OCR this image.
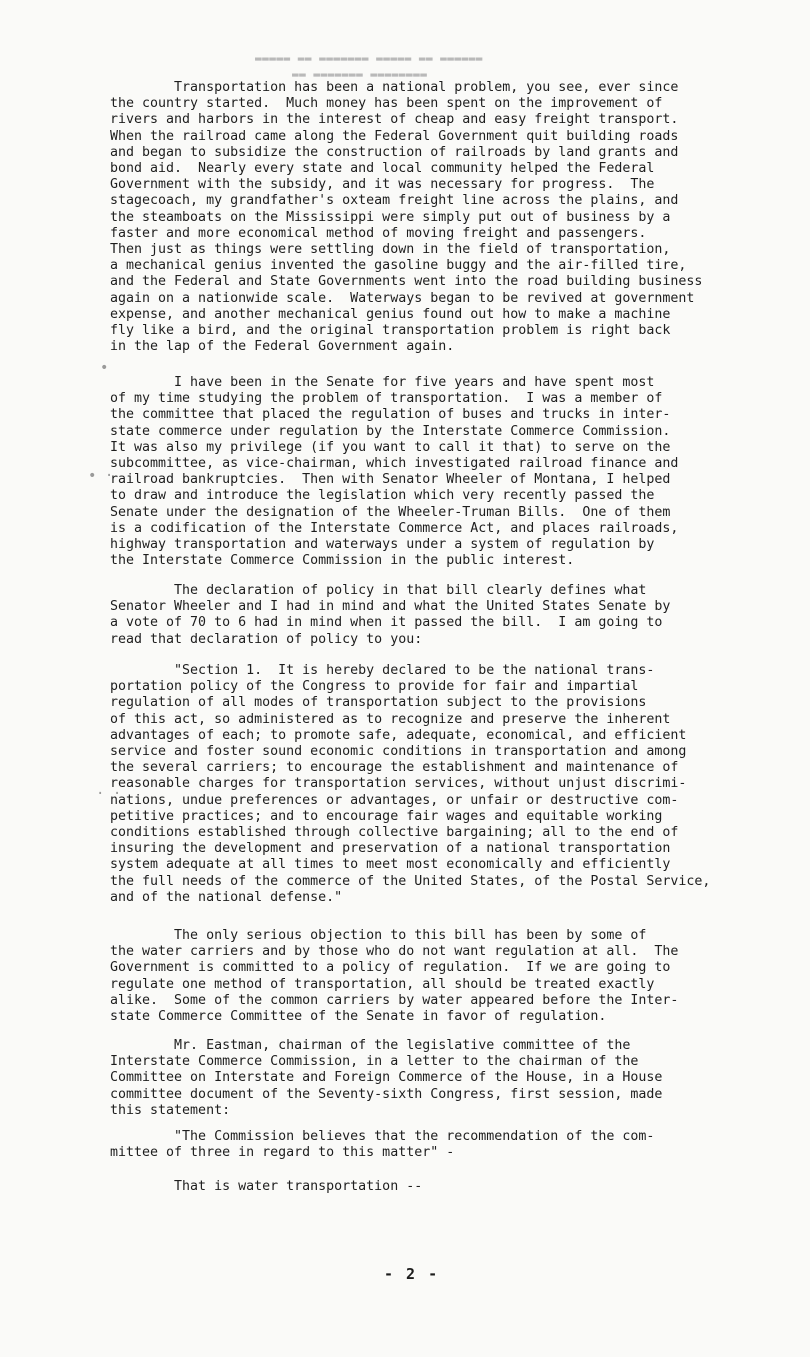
▬▬▬▬▬ ▬▬ ▬▬▬▬▬▬▬ ▬▬▬▬▬ ▬▬ ▬▬▬▬▬▬
▬▬ ▬▬▬▬▬▬▬ ▬▬▬▬▬▬▬▬
Transportation has been a national problem, you see, ever since
the country started.  Much money has been spent on the improvement of
rivers and harbors in the interest of cheap and easy freight transport.
When the railroad came along the Federal Government quit building roads
and began to subsidize the construction of railroads by land grants and
bond aid.  Nearly every state and local community helped the Federal
Government with the subsidy, and it was necessary for progress.  The
stagecoach, my grandfather's oxteam freight line across the plains, and
the steamboats on the Mississippi were simply put out of business by a
faster and more economical method of moving freight and passengers.
Then just as things were settling down in the field of transportation,
a mechanical genius invented the gasoline buggy and the air-filled tire,
and the Federal and State Governments went into the road building business
again on a nationwide scale.  Waterways began to be revived at government
expense, and another mechanical genius found out how to make a machine
fly like a bird, and the original transportation problem is right back
in the lap of the Federal Government again.
I have been in the Senate for five years and have spent most
of my time studying the problem of transportation.  I was a member of
the committee that placed the regulation of buses and trucks in inter-
state commerce under regulation by the Interstate Commerce Commission.
It was also my privilege (if you want to call it that) to serve on the
subcommittee, as vice-chairman, which investigated railroad finance and
railroad bankruptcies.  Then with Senator Wheeler of Montana, I helped
to draw and introduce the legislation which very recently passed the
Senate under the designation of the Wheeler-Truman Bills.  One of them
is a codification of the Interstate Commerce Act, and places railroads,
highway transportation and waterways under a system of regulation by
the Interstate Commerce Commission in the public interest.
The declaration of policy in that bill clearly defines what
Senator Wheeler and I had in mind and what the United States Senate by
a vote of 70 to 6 had in mind when it passed the bill.  I am going to
read that declaration of policy to you:
"Section 1.  It is hereby declared to be the national trans-
portation policy of the Congress to provide for fair and impartial
regulation of all modes of transportation subject to the provisions
of this act, so administered as to recognize and preserve the inherent
advantages of each; to promote safe, adequate, economical, and efficient
service and foster sound economic conditions in transportation and among
the several carriers; to encourage the establishment and maintenance of
reasonable charges for transportation services, without unjust discrimi-
nations, undue preferences or advantages, or unfair or destructive com-
petitive practices; and to encourage fair wages and equitable working
conditions established through collective bargaining; all to the end of
insuring the development and preservation of a national transportation
system adequate at all times to meet most economically and efficiently
the full needs of the commerce of the United States, of the Postal Service,
and of the national defense."
The only serious objection to this bill has been by some of
the water carriers and by those who do not want regulation at all.  The
Government is committed to a policy of regulation.  If we are going to
regulate one method of transportation, all should be treated exactly
alike.  Some of the common carriers by water appeared before the Inter-
state Commerce Committee of the Senate in favor of regulation.
Mr. Eastman, chairman of the legislative committee of the
Interstate Commerce Commission, in a letter to the chairman of the
Committee on Interstate and Foreign Commerce of the House, in a House
committee document of the Seventy-sixth Congress, first session, made
this statement:
"The Commission believes that the recommendation of the com-
mittee of three in regard to this matter" -
That is water transportation --
•
• ·
· ·
- 2 -
